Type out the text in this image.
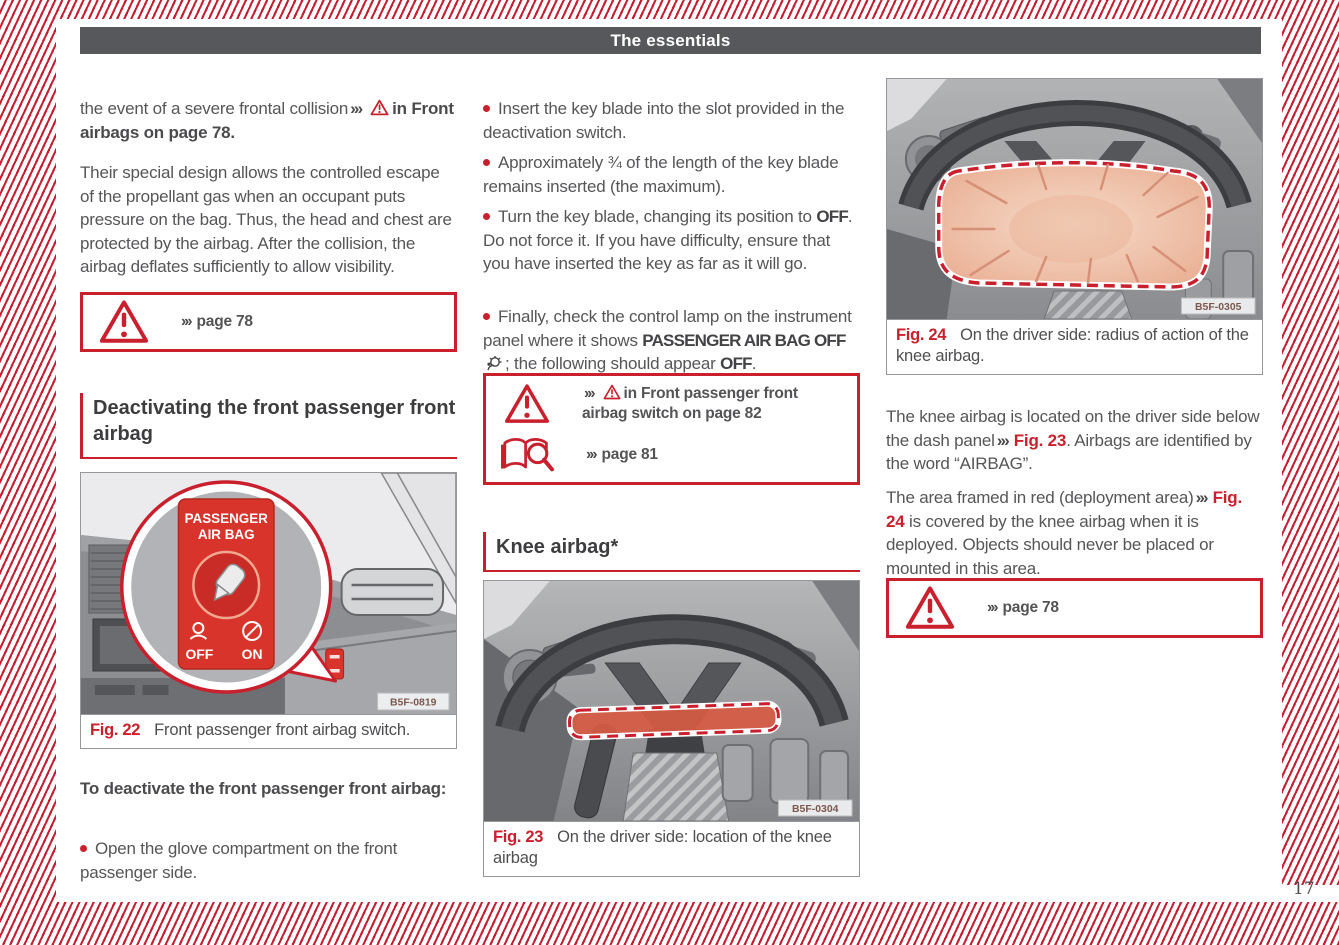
17
The essentials

the event of a severe frontal collision ››› in Front airbags on page 78.

Their special design allows the controlled escape of the propellant gas when an occupant puts pressure on the bag. Thus, the head and chest are protected by the airbag. After the collision, the airbag deflates sufficiently to allow visibility.

››› page 78
Deactivating the front passenger front airbag
PASSENGER
AIR BAG
OFF ON
B5F-0819
Fig. 22 Front passenger front airbag switch.

To deactivate the front passenger front airbag:

Open the glove compartment on the front passenger side.

Insert the key blade into the slot provided in the deactivation switch.

Approximately ¾ of the length of the key blade remains inserted (the maximum).

Turn the key blade, changing its position to OFF. Do not force it. If you have difficulty, ensure that you have inserted the key as far as it will go.

Finally, check the control lamp on the instrument panel where it shows PASSENGER AIR BAG OFF; the following should appear OFF.

››› in Front passenger front airbag switch on page 82
››› page 81
Knee airbag*
B5F-0304
Fig. 23 On the driver side: location of the knee airbag
B5F-0305
Fig. 24 On the driver side: radius of action of the knee airbag.

The knee airbag is located on the driver side below the dash panel ››› Fig. 23. Airbags are identified by the word “AIRBAG”.

The area framed in red (deployment area) ››› Fig. 24 is covered by the knee airbag when it is deployed. Objects should never be placed or mounted in this area.

››› page 78
